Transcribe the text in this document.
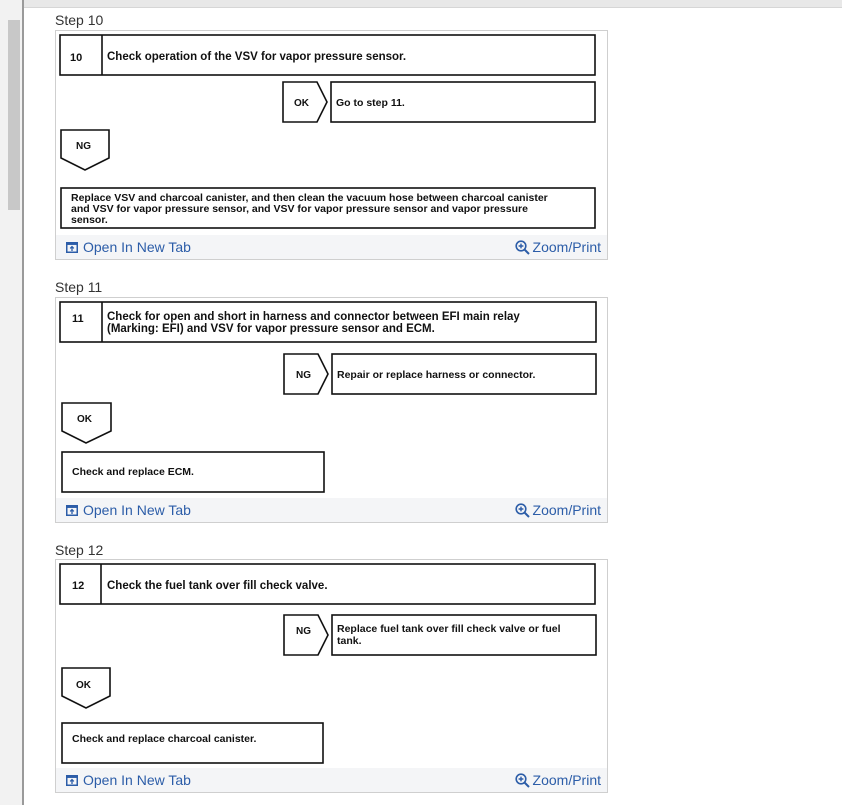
Step 10
10 Check operation of the VSV for vapor pressure sensor.
OK	Go to step 11.
NG
Replace VSV and charcoal canister, and then clean the vacuum hose between charcoal canister
and VSV for vapor pressure sensor, and VSV for vapor pressure sensor and vapor pressure
sensor.
Open In New Tab	Zoom/Print
Step 11
11 Check for open and short in harness and connector between EFI main relay
(Marking: EFI) and VSV for vapor pressure sensor and ECM.
NG Repair or replace harness or connector.
OK
Check and replace ECM.
Open In New Tab	Zoom/Print
Step 12
12 Check the fuel tank over fill check valve.
NG Replace fuel tank over fill check valve or fuel
tank.
OK
Check and replace charcoal canister.
Open In New Tab	Zoom/Print
